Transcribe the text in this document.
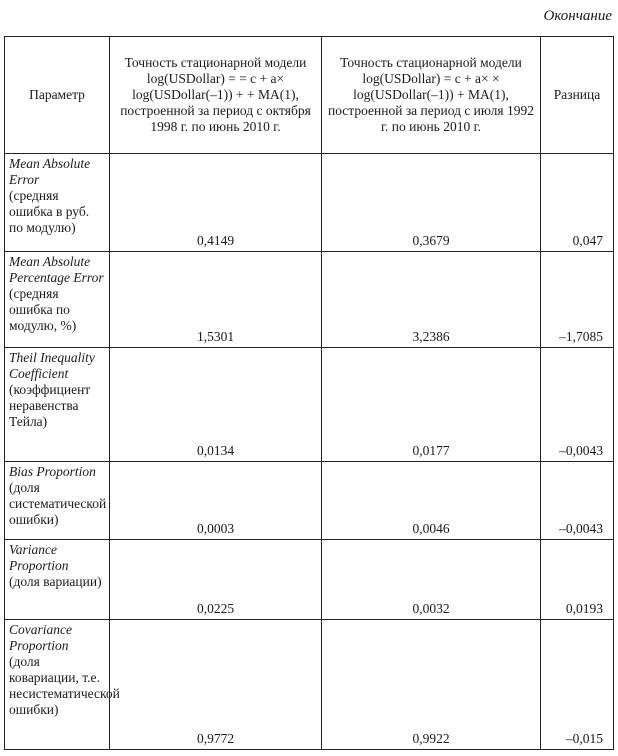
Окончание
Параметр	Точность стационарной модели log(USDollar) = = c + a× log(USDollar(–1)) + + MA(1), построенной за период с октября 1998 г. по июнь 2010 г.	Точность стационарной модели log(USDollar) = c + a× × log(USDollar(–1)) + MA(1), построенной за период с июля 1992 г. по июнь 2010 г.	Разница

Mean Absolute Error
(средняя ошибка в руб. по модулю)	0,4149	0,3679	0,047

Mean Absolute Percentage Error
(средняя ошибка по модулю, %)	1,5301	3,2386	–1,7085

Theil Inequality Coefficient
(коэффициент неравенства Тейла)	0,0134	0,0177	–0,0043

Bias Proportion
(доля систематической ошибки)	0,0003	0,0046	–0,0043

Variance Proportion
(доля вариации)	0,0225	0,0032	0,0193

Covariance Proportion
(доля ковариации, т.е. несистематической ошибки)	0,9772	0,9922	–0,015
